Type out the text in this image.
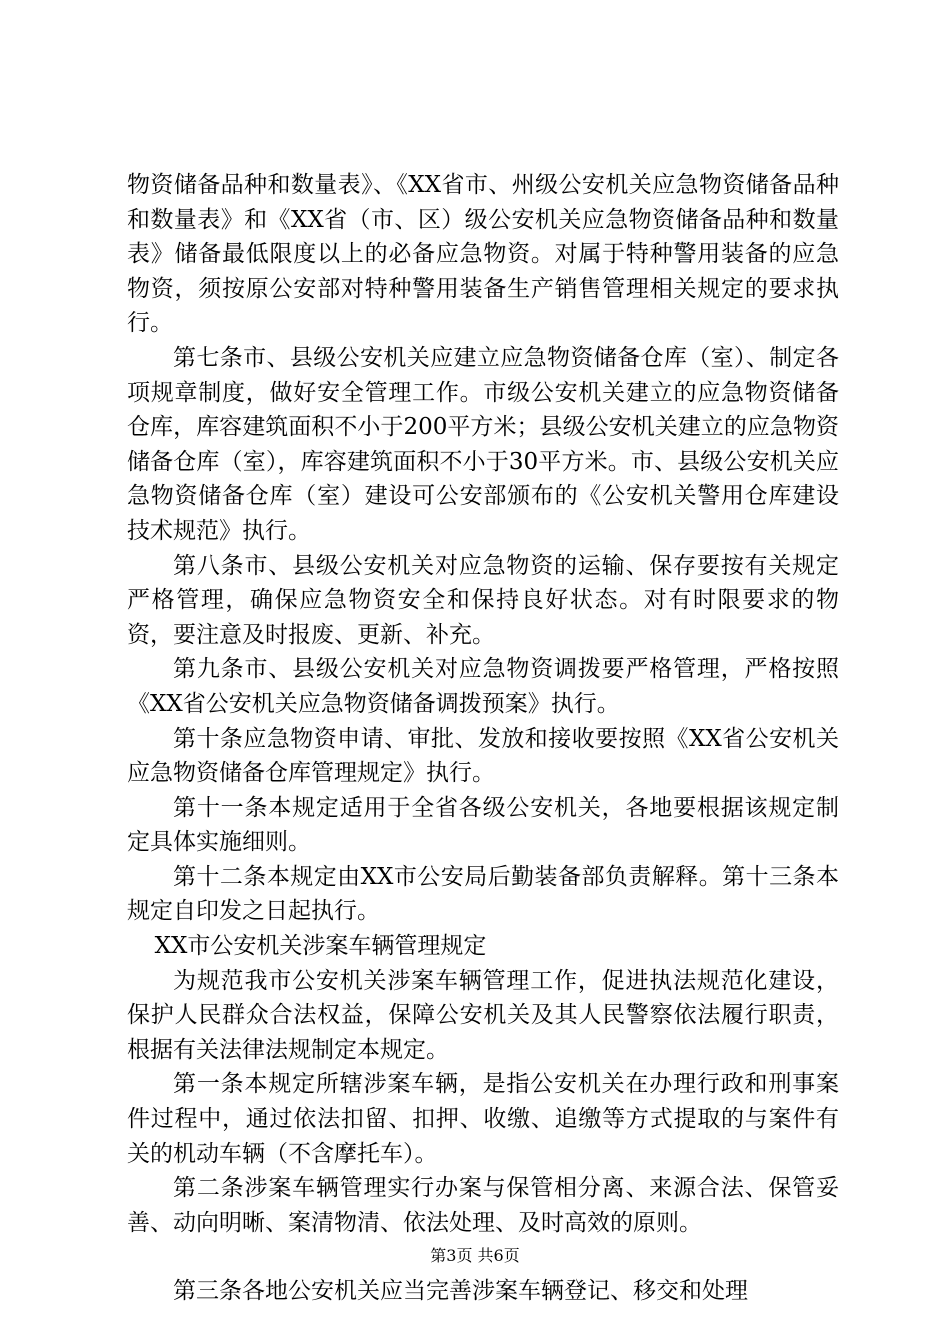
物资储备品种和数量表》、《XX省市、州级公安机关应急物资储备品种和数量表》和《XX省（市、区）级公安机关应急物资储备品种和数量表》储备最低限度以上的必备应急物资。对属于特种警用装备的应急物资，须按原公安部对特种警用装备生产销售管理相关规定的要求执行。

第七条市、县级公安机关应建立应急物资储备仓库（室）、制定各项规章制度，做好安全管理工作。市级公安机关建立的应急物资储备仓库，库容建筑面积不小于200平方米；县级公安机关建立的应急物资储备仓库（室），库容建筑面积不小于30平方米。市、县级公安机关应急物资储备仓库（室）建设可公安部颁布的《公安机关警用仓库建设技术规范》执行。

第八条市、县级公安机关对应急物资的运输、保存要按有关规定严格管理，确保应急物资安全和保持良好状态。对有时限要求的物资，要注意及时报废、更新、补充。

第九条市、县级公安机关对应急物资调拨要严格管理，严格按照《XX省公安机关应急物资储备调拨预案》执行。

第十条应急物资申请、审批、发放和接收要按照《XX省公安机关应急物资储备仓库管理规定》执行。

第十一条本规定适用于全省各级公安机关，各地要根据该规定制定具体实施细则。

第十二条本规定由XX市公安局后勤装备部负责解释。第十三条本规定自印发之日起执行。

XX市公安机关涉案车辆管理规定

为规范我市公安机关涉案车辆管理工作，促进执法规范化建设，保护人民群众合法权益，保障公安机关及其人民警察依法履行职责，根据有关法律法规制定本规定。

第一条本规定所辖涉案车辆，是指公安机关在办理行政和刑事案件过程中，通过依法扣留、扣押、收缴、追缴等方式提取的与案件有关的机动车辆（不含摩托车）。

第二条涉案车辆管理实行办案与保管相分离、来源合法、保管妥善、动向明晰、案清物清、依法处理、及时高效的原则。

第三条各地公安机关应当完善涉案车辆登记、移交和处理

第3页 共6页
